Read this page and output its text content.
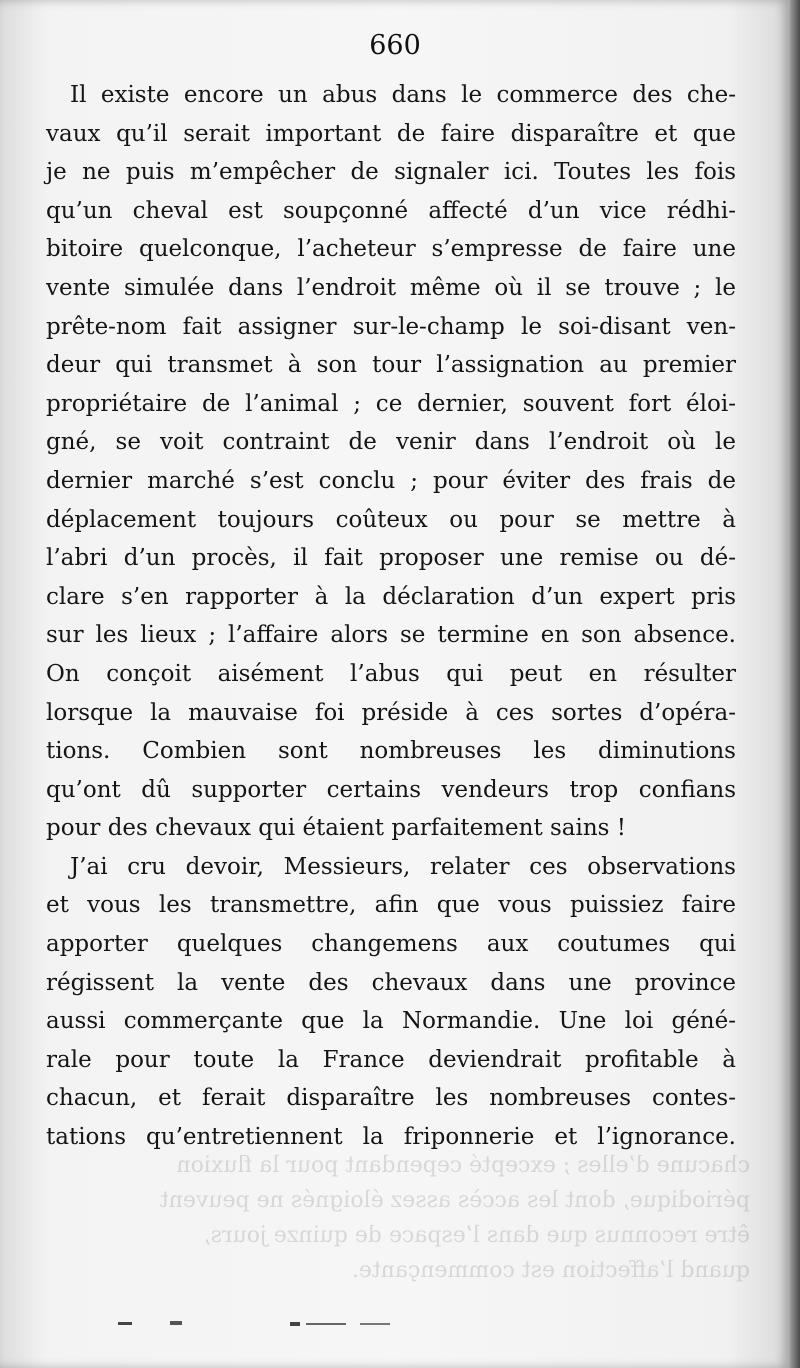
660
Il existe encore un abus dans le commerce des che-
vaux qu’il serait important de faire disparaître et que
je ne puis m’empêcher de signaler ici. Toutes les fois
qu’un cheval est soupçonné affecté d’un vice rédhi-
bitoire quelconque, l’acheteur s’empresse de faire une
vente simulée dans l’endroit même où il se trouve ; le
prête-nom fait assigner sur-le-champ le soi-disant ven-
deur qui transmet à son tour l’assignation au premier
propriétaire de l’animal ; ce dernier, souvent fort éloi-
gné, se voit contraint de venir dans l’endroit où le
dernier marché s’est conclu ; pour éviter des frais de
déplacement toujours coûteux ou pour se mettre à
l’abri d’un procès, il fait proposer une remise ou dé-
clare s’en rapporter à la déclaration d’un expert pris
sur les lieux ; l’affaire alors se termine en son absence.
On conçoit aisément l’abus qui peut en résulter
lorsque la mauvaise foi préside à ces sortes d’opéra-
tions. Combien sont nombreuses les diminutions
qu’ont dû supporter certains vendeurs trop confians
pour des chevaux qui étaient parfaitement sains !
J’ai cru devoir, Messieurs, relater ces observations
et vous les transmettre, afin que vous puissiez faire
apporter quelques changemens aux coutumes qui
régissent la vente des chevaux dans une province
aussi commerçante que la Normandie. Une loi géné-
rale pour toute la France deviendrait profitable à
chacun, et ferait disparaître les nombreuses contes-
tations qu’entretiennent la friponnerie et l’ignorance.
chacune d’elles ; excepté cependant pour la fluxion
périodique, dont les accès assez éloignés ne peuvent
être reconnus que dans l’espace de quinze jours,
quand l’affection est commençante.
